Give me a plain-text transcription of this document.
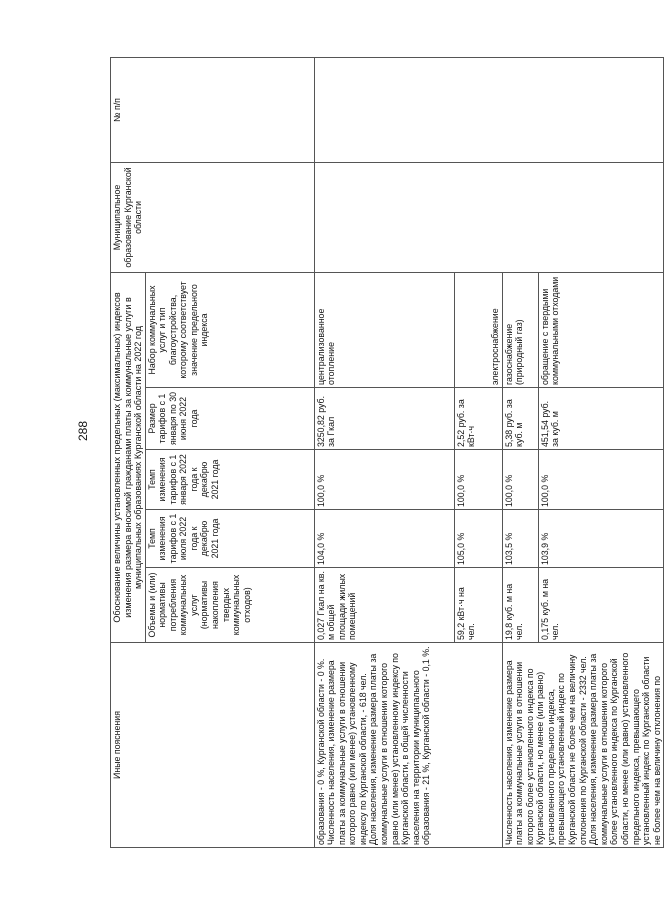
288
Иные пояснения	Обоснование величины установленных предельных (максимальных) индексов изменения размера вносимой гражданами платы за коммунальные услуги в муниципальных образованиях Курганской области на 2022 год					Муниципальное образование Курганской области	№ п/п
	Объемы и (или) нормативы потребления коммунальных услуг (нормативы накопления твердых коммунальных отходов)	Темп изменения тарифов с 1 июля 2022 года к декабрю 2021 года	Темп изменения тарифов с 1 января 2022 года к декабрю 2021 года	Размер тарифов с 1 января по 30 июня 2022 года	Набор коммунальных услуг и тип благоустройства, которому соответствует значение предельного индекса		
образования - 0 %, Курганской области - 0 %.
Численность населения, изменение размера платы за коммунальные услуги в отношении которого равно (или менее) установленному индексу по Курганской области, - 618 чел.
Доля населения, изменение размера платы за коммунальные услуги в отношении которого равно (или менее) установленному индексу по Курганской области, в общей численности населения на территории муниципального образования - 21 %, Курганской области - 0,1 %.	0,027 Гкал на кв. м общей площади жилых помещений	104,0 %	100,0 %	3250,82 руб. за Гкал	централизованное отопление		
	59,2 кВт·ч на чел.	105,0 %	100,0 %	2,52 руб. за кВт·ч	электроснабжение		
Численность населения, изменение размера платы за коммунальные услуги в отношении которого более установленного индекса по Курганской области, но менее (или равно) установленного предельного индекса, превышающего установленный индекс по Курганской области не более чем на величину отклонения по Курганской области - 2332 чел.
Доля населения, изменение размера платы за коммунальные услуги в отношении которого более установленного индекса по Курганской области, но менее (или равно) установленного предельного индекса, превышающего установленный индекс по Курганской области не более чем на величину отклонения по	19,8 куб. м на чел.	103,5 %	100,0 %	5,38 руб. за куб. м	газоснабжение (природный газ)		
	0,175 куб. м на чел.	103,9 %	100,0 %	451,54 руб. за куб. м	обращение с твердыми коммунальными отходами		
